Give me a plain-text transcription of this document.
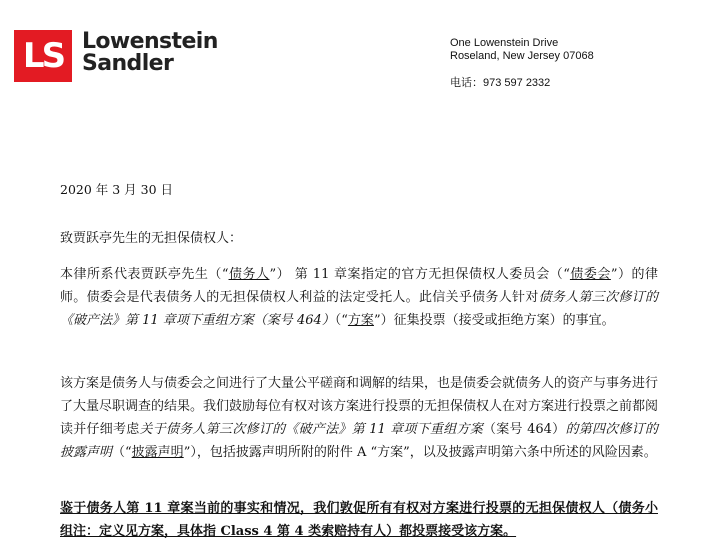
LS Lowenstein
Sandler
One Lowenstein Drive
Roseland, New Jersey 07068
电话：973 597 2332
2020 年 3 月 30 日
致贾跃亭先生的无担保债权人：

本律所系代表贾跃亭先生（“债务人”） 第 11 章案指定的官方无担保债权人委员会（“债委会”）的律师。债委会是代表债务人的无担保债权人利益的法定受托人。此信关乎债务人针对债务人第三次修订的《破产法》第 11 章项下重组方案（案号 464）（“方案”）征集投票（接受或拒绝方案）的事宜。

该方案是债务人与债委会之间进行了大量公平磋商和调解的结果，也是债委会就债务人的资产与事务进行了大量尽职调查的结果。我们鼓励每位有权对该方案进行投票的无担保债权人在对方案进行投票之前都阅读并仔细考虑关于债务人第三次修订的《破产法》第 11 章项下重组方案（案号 464）的第四次修订的披露声明（“披露声明”），包括披露声明所附的附件 A “方案”，以及披露声明第六条中所述的风险因素。

鉴于债务人第 11 章案当前的事实和情况，我们敦促所有有权对方案进行投票的无担保债权人（债务小组注：定义见方案，具体指 Class 4 第 4 类索赔持有人）都投票接受该方案。
